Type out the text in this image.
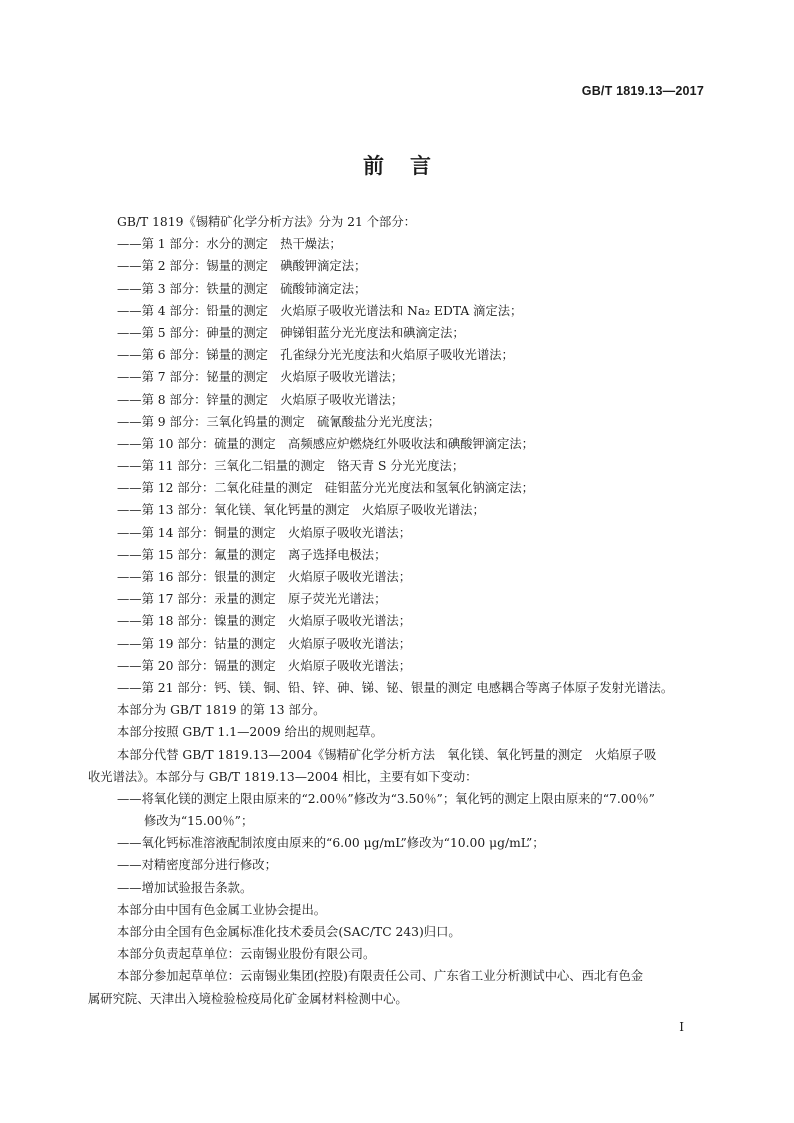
GB/T 1819.13—2017
前言
GB/T 1819《锡精矿化学分析方法》分为 21 个部分：
——第 1 部分：水分的测定　热干燥法；
——第 2 部分：锡量的测定　碘酸钾滴定法；
——第 3 部分：铁量的测定　硫酸铈滴定法；
——第 4 部分：铅量的测定　火焰原子吸收光谱法和 Na₂ EDTA 滴定法；
——第 5 部分：砷量的测定　砷锑钼蓝分光光度法和碘滴定法；
——第 6 部分：锑量的测定　孔雀绿分光光度法和火焰原子吸收光谱法；
——第 7 部分：铋量的测定　火焰原子吸收光谱法；
——第 8 部分：锌量的测定　火焰原子吸收光谱法；
——第 9 部分：三氧化钨量的测定　硫氰酸盐分光光度法；
——第 10 部分：硫量的测定　高频感应炉燃烧红外吸收法和碘酸钾滴定法；
——第 11 部分：三氧化二铝量的测定　铬天青 S 分光光度法；
——第 12 部分：二氧化硅量的测定　硅钼蓝分光光度法和氢氧化钠滴定法；
——第 13 部分：氧化镁、氧化钙量的测定　火焰原子吸收光谱法；
——第 14 部分：铜量的测定　火焰原子吸收光谱法；
——第 15 部分：氟量的测定　离子选择电极法；
——第 16 部分：银量的测定　火焰原子吸收光谱法；
——第 17 部分：汞量的测定　原子荧光光谱法；
——第 18 部分：镍量的测定　火焰原子吸收光谱法；
——第 19 部分：钴量的测定　火焰原子吸收光谱法；
——第 20 部分：镉量的测定　火焰原子吸收光谱法；
——第 21 部分：钙、镁、铜、铅、锌、砷、锑、铋、银量的测定 电感耦合等离子体原子发射光谱法。
本部分为 GB/T 1819 的第 13 部分。
本部分按照 GB/T 1.1—2009 给出的规则起草。
本部分代替 GB/T 1819.13—2004《锡精矿化学分析方法　氧化镁、氧化钙量的测定　火焰原子吸
收光谱法》。本部分与 GB/T 1819.13—2004 相比，主要有如下变动：
——将氧化镁的测定上限由原来的“2.00％”修改为“3.50％”；氧化钙的测定上限由原来的“7.00％”
修改为“15.00％”；
——氧化钙标准溶液配制浓度由原来的“6.00 μg/mL”修改为“10.00 μg/mL”；
——对精密度部分进行修改；
——增加试验报告条款。
本部分由中国有色金属工业协会提出。
本部分由全国有色金属标准化技术委员会(SAC/TC 243)归口。
本部分负责起草单位：云南锡业股份有限公司。
本部分参加起草单位：云南锡业集团(控股)有限责任公司、广东省工业分析测试中心、西北有色金
属研究院、天津出入境检验检疫局化矿金属材料检测中心。
I
